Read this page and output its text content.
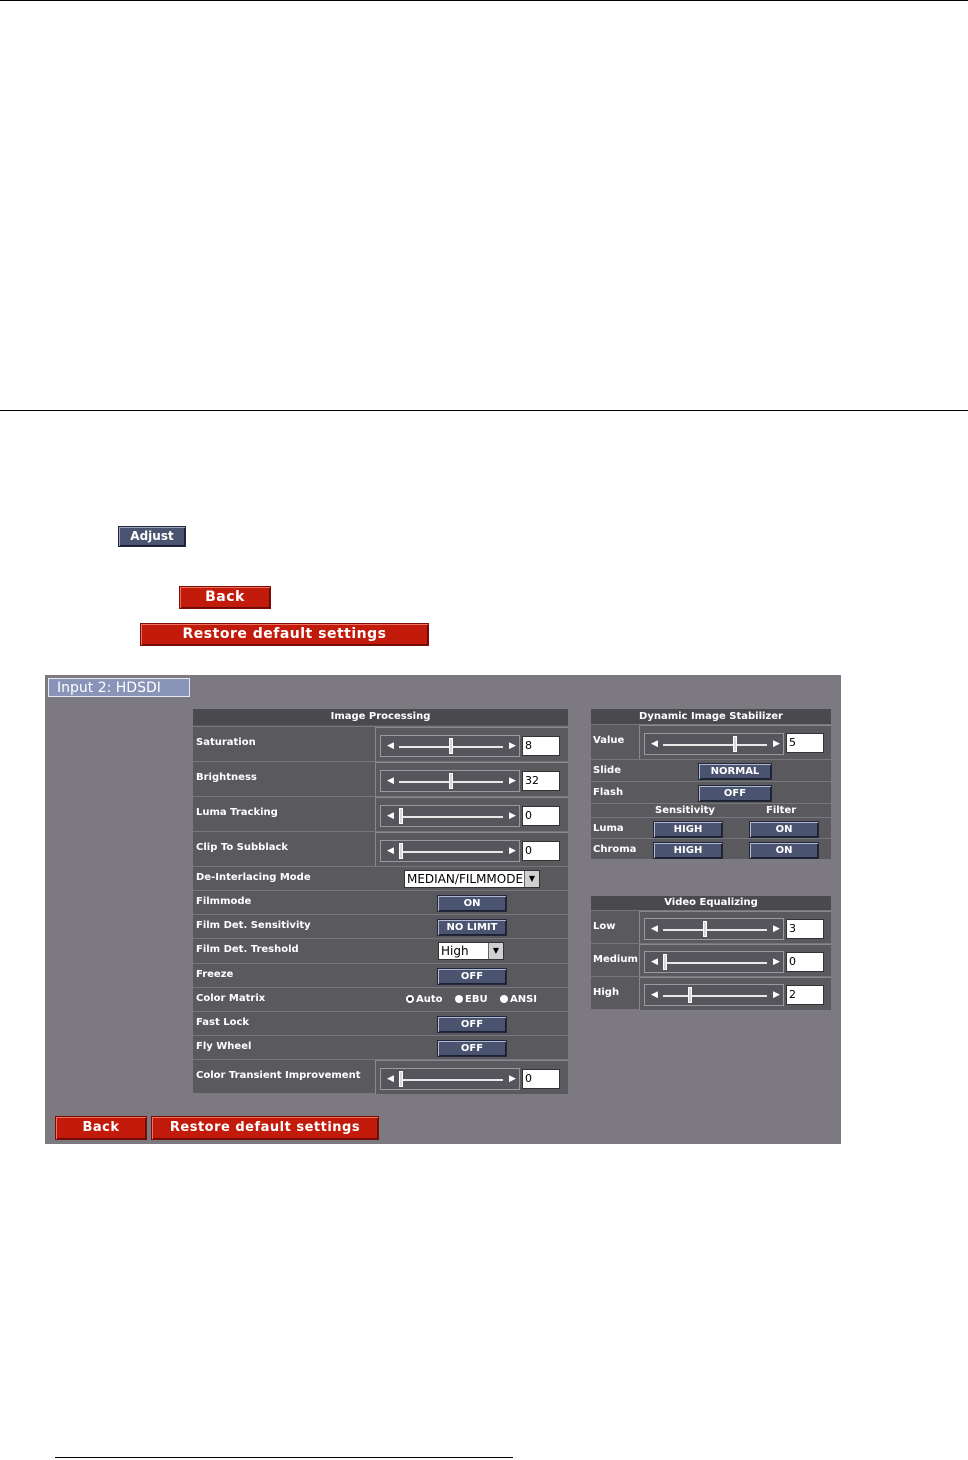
Adjust
Back
Restore default settings
Input 2: HDSDI
Image Processing
Saturation	◀	▶ 8
Brightness	◀	▶ 32
Luma Tracking	◀	▶ 0
Clip To Subblack	◀	▶ 0
De-Interlacing Mode	MEDIAN/FILMMODE ▼
Filmmode	ON
Film Det. Sensitivity	NO LIMIT
Film Det. Treshold	High	▼
Freeze	OFF
Color Matrix	Auto	EBU	ANSI
Fast Lock	OFF
Fly Wheel	OFF
Color Transient Improvement	◀	▶ 0
Dynamic Image Stabilizer
Value	◀	▶ 5
Slide	NORMAL
Flash	OFF
Sensitivity	Filter
Luma	HIGH	ON
Chroma	HIGH	ON
Video Equalizing
Low	◀	▶ 3
Medium ◀	▶ 0
High	◀	▶ 2
Back	Restore default settings
